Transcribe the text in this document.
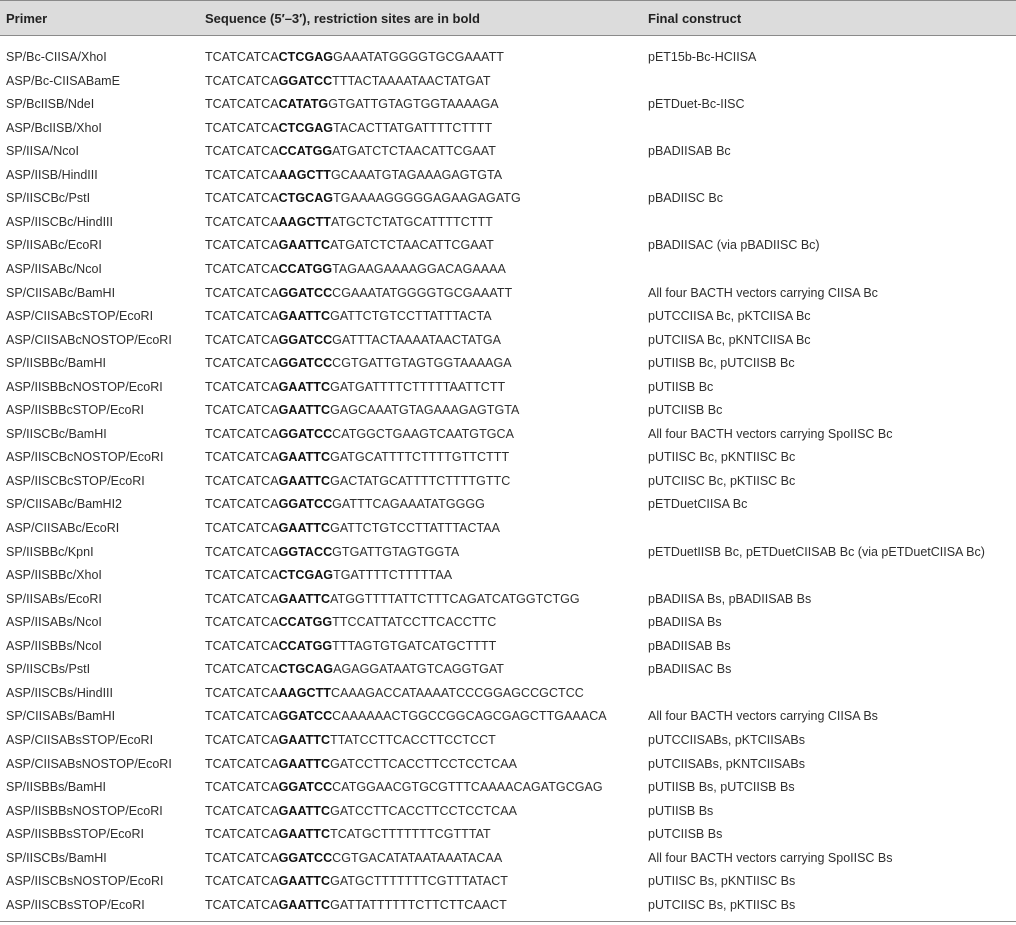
Primer	Sequence (5′–3′), restriction sites are in bold	Final construct
SP/Bc-CIISA/XhoI	TCATCATCACTCGAGGAAATATGGGGTGCGAAATT	pET15b-Bc-HCIISA
ASP/Bc-CIISABamE	TCATCATCAGGATCCTTTACTAAAATAACTATGAT
SP/BcIISB/NdeI	TCATCATCACATATGGTGATTGTAGTGGTAAAAGA	pETDuet-Bc-IISC
ASP/BcIISB/XhoI	TCATCATCACTCGAGTACACTTATGATTTTCTTTT
SP/IISA/NcoI	TCATCATCACCATGGATGATCTCTAACATTCGAAT	pBADIISAB Bc
ASP/IISB/HindIII	TCATCATCAAAGCTTGCAAATGTAGAAAGAGTGTA
SP/IISCBc/PstI	TCATCATCACTGCAGTGAAAAGGGGGAGAAGAGATG	pBADIISC Bc
ASP/IISCBc/HindIII	TCATCATCAAAGCTTATGCTCTATGCATTTTCTTT
SP/IISABc/EcoRI	TCATCATCAGAATTCATGATCTCTAACATTCGAAT	pBADIISAC (via pBADIISC Bc)
ASP/IISABc/NcoI	TCATCATCACCATGGTAGAAGAAAAGGACAGAAAA
SP/CIISABc/BamHI	TCATCATCAGGATCCCGAAATATGGGGTGCGAAATT	All four BACTH vectors carrying CIISA Bc
ASP/CIISABcSTOP/EcoRI	TCATCATCAGAATTCGATTCTGTCCTTATTTACTA	pUTCCIISA Bc, pKTCIISA Bc
ASP/CIISABcNOSTOP/EcoRI	TCATCATCAGGATCCGATTTACTAAAATAACTATGA	pUTCIISA Bc, pKNTCIISA Bc
SP/IISBBc/BamHI	TCATCATCAGGATCCCGTGATTGTAGTGGTAAAAGA	pUTIISB Bc, pUTCIISB Bc
ASP/IISBBcNOSTOP/EcoRI	TCATCATCAGAATTCGATGATTTTCTTTTTAATTCTT	pUTIISB Bc
ASP/IISBBcSTOP/EcoRI	TCATCATCAGAATTCGAGCAAATGTAGAAAGAGTGTA	pUTCIISB Bc
SP/IISCBc/BamHI	TCATCATCAGGATCCCATGGCTGAAGTCAATGTGCA	All four BACTH vectors carrying SpoIISC Bc
ASP/IISCBcNOSTOP/EcoRI	TCATCATCAGAATTCGATGCATTTTCTTTTGTTCTTT	pUTIISC Bc, pKNTIISC Bc
ASP/IISCBcSTOP/EcoRI	TCATCATCAGAATTCGACTATGCATTTTCTTTTGTTC	pUTCIISC Bc, pKTIISC Bc
SP/CIISABc/BamHI2	TCATCATCAGGATCCGATTTCAGAAATATGGGG	pETDuetCIISA Bc
ASP/CIISABc/EcoRI	TCATCATCAGAATTCGATTCTGTCCTTATTTACTAA
SP/IISBBc/KpnI	TCATCATCAGGTACCGTGATTGTAGTGGTA	pETDuetIISB Bc, pETDuetCIISAB Bc (via pETDuetCIISA Bc)
ASP/IISBBc/XhoI	TCATCATCACTCGAGTGATTTTCTTTTTAA
SP/IISABs/EcoRI	TCATCATCAGAATTCATGGTTTTATTCTTTCAGATCATGGTCTGG	pBADIISA Bs, pBADIISAB Bs
ASP/IISABs/NcoI	TCATCATCACCATGGTTCCATTATCCTTCACCTTC	pBADIISA Bs
ASP/IISBBs/NcoI	TCATCATCACCATGGTTTAGTGTGATCATGCTTTT	pBADIISAB Bs
SP/IISCBs/PstI	TCATCATCACTGCAGAGAGGATAATGTCAGGTGAT	pBADIISAC Bs
ASP/IISCBs/HindIII	TCATCATCAAAGCTTCAAAGACCATAAAATCCCGGAGCCGCTCC
SP/CIISABs/BamHI	TCATCATCAGGATCCCAAAAAACTGGCCGGCAGCGAGCTTGAAACA	All four BACTH vectors carrying CIISA Bs
ASP/CIISABsSTOP/EcoRI	TCATCATCAGAATTCTTATCCTTCACCTTCCTCCT	pUTCCIISABs, pKTCIISABs
ASP/CIISABsNOSTOP/EcoRI	TCATCATCAGAATTCGATCCTTCACCTTCCTCCTCAA	pUTCIISABs, pKNTCIISABs
SP/IISBBs/BamHI	TCATCATCAGGATCCCATGGAACGTGCGTTTCAAAACAGATGCGAG	pUTIISB Bs, pUTCIISB Bs
ASP/IISBBsNOSTOP/EcoRI	TCATCATCAGAATTCGATCCTTCACCTTCCTCCTCAA	pUTIISB Bs
ASP/IISBBsSTOP/EcoRI	TCATCATCAGAATTCTCATGCTTTTTTTCGTTTAT	pUTCIISB Bs
SP/IISCBs/BamHI	TCATCATCAGGATCCCGTGACATATAATAAATACAA	All four BACTH vectors carrying SpoIISC Bs
ASP/IISCBsNOSTOP/EcoRI	TCATCATCAGAATTCGATGCTTTTTTTCGTTTATACT	pUTIISC Bs, pKNTIISC Bs
ASP/IISCBsSTOP/EcoRI	TCATCATCAGAATTCGATTATTTTTTCTTCTTCAACT	pUTCIISC Bs, pKTIISC Bs
